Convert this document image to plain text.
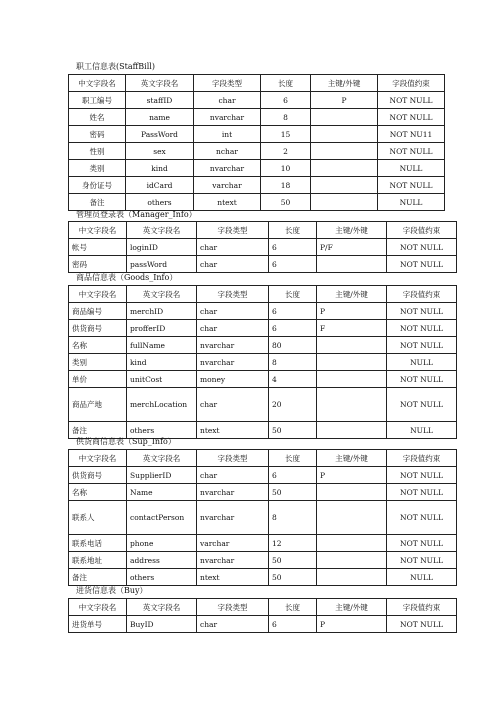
职工信息表(StaffBill)
中文字段名	英文字段名	字段类型	长度	主键/外键	字段值约束
职工编号	staffID	char	6	P	NOT NULL
姓名	name	nvarchar	8		NOT NULL
密码	PassWord	int	15		NOT NU11
性别	sex	nchar	2		NOT NULL
类别	kind	nvarchar	10		NULL
身份证号	idCard	varchar	18		NOT NULL
备注	others	ntext	50		NULL
管理员登录表（Manager_Info）
中文字段名	英文字段名	字段类型	长度	主键/外键	字段值约束
帐号	loginID	char	6	P/F	NOT NULL
密码	passWord	char	6		NOT NULL
商品信息表（Goods_Info）
中文字段名	英文字段名	字段类型	长度	主键/外键	字段值约束
商品编号	merchID	char	6	P	NOT NULL
供货商号	profferID	char	6	F	NOT NULL
名称	fullName	nvarchar	80		NOT NULL
类别	kind	nvarchar	8		NULL
单价	unitCost	money	4		NOT NULL
商品产地	merchLocation	char	20		NOT NULL
备注	others	ntext	50		NULL
供货商信息表（Sup_Info）
中文字段名	英文字段名	字段类型	长度	主键/外键	字段值约束
供货商号	SupplierID	char	6	P	NOT NULL
名称	Name	nvarchar	50		NOT NULL
联系人	contactPerson	nvarchar	8		NOT NULL
联系电话	phone	varchar	12		NOT NULL
联系地址	address	nvarchar	50		NOT NULL
备注	others	ntext	50		NULL
进货信息表（Buy）
中文字段名	英文字段名	字段类型	长度	主键/外键	字段值约束
进货单号	BuyID	char	6	P	NOT NULL
